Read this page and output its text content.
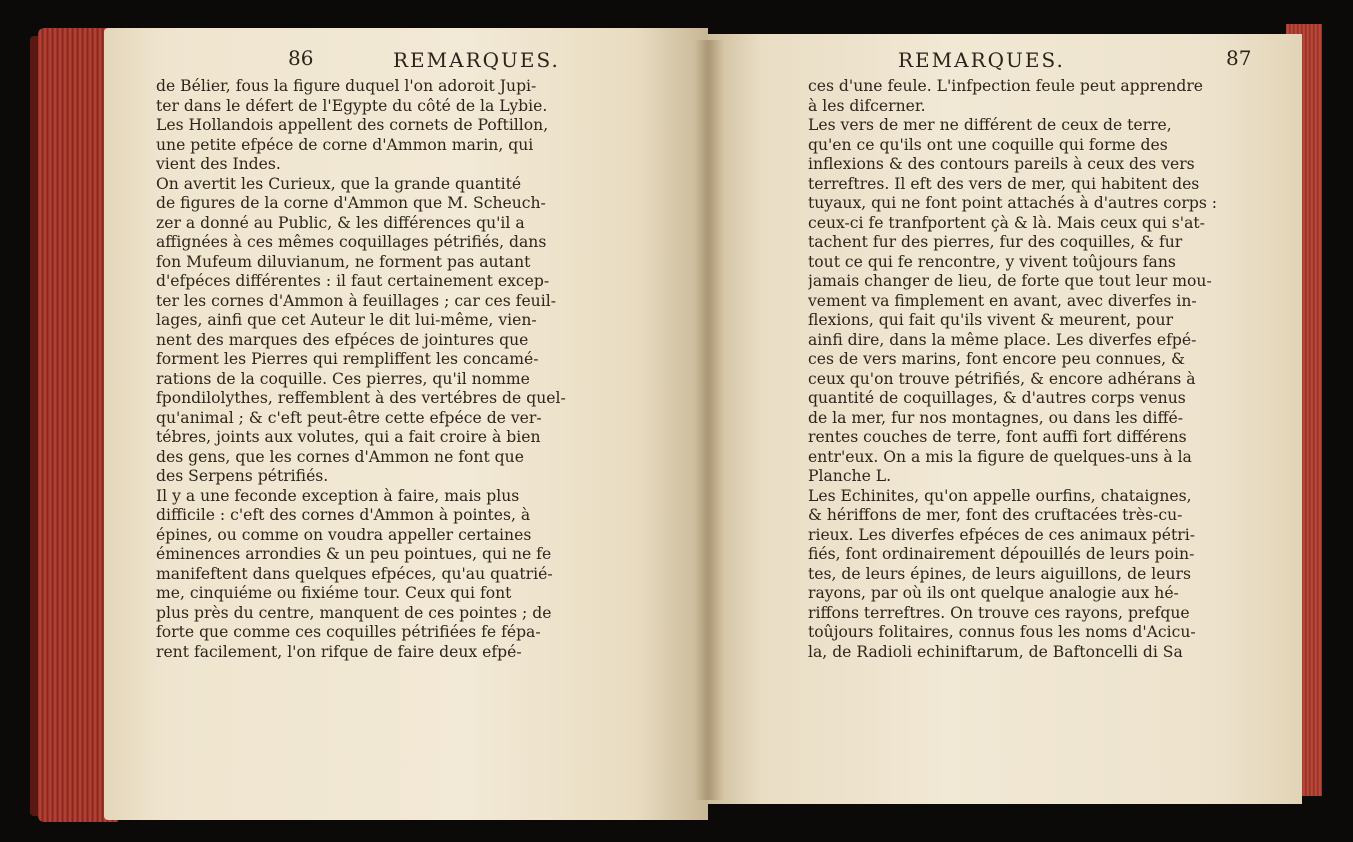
86	REMARQUES.	REMARQUES.	87
de Bélier, fous la figure duquel l'on adoroit Jupi-
ter dans le défert de l'Egypte du côté de la Lybie.
Les Hollandois appellent des cornets de Poftillon,
une petite efpéce de corne d'Ammon marin, qui
vient des Indes.
On avertit les Curieux, que la grande quantité
de figures de la corne d'Ammon que M. Scheuch-
zer a donné au Public, & les différences qu'il a
affignées à ces mêmes coquillages pétrifiés, dans
fon Mufeum diluvianum, ne forment pas autant
d'efpéces différentes : il faut certainement excep-
ter les cornes d'Ammon à feuillages ; car ces feuil-
lages, ainfi que cet Auteur le dit lui-même, vien-
nent des marques des efpéces de jointures que
forment les Pierres qui rempliffent les concamé-
rations de la coquille. Ces pierres, qu'il nomme
fpondilolythes, reffemblent à des vertébres de quel-
qu'animal ; & c'eft peut-être cette efpéce de ver-
tébres, joints aux volutes, qui a fait croire à bien
des gens, que les cornes d'Ammon ne font que
des Serpens pétrifiés.
Il y a une feconde exception à faire, mais plus
difficile : c'eft des cornes d'Ammon à pointes, à
épines, ou comme on voudra appeller certaines
éminences arrondies & un peu pointues, qui ne fe
manifeftent dans quelques efpéces, qu'au quatrié-
me, cinquiéme ou fixiéme tour. Ceux qui font
plus près du centre, manquent de ces pointes ; de
forte que comme ces coquilles pétrifiées fe fépa-
rent facilement, l'on rifque de faire deux efpé-
ces d'une feule. L'infpection feule peut apprendre
à les difcerner.
Les vers de mer ne différent de ceux de terre,
qu'en ce qu'ils ont une coquille qui forme des
inflexions & des contours pareils à ceux des vers
terreftres. Il eft des vers de mer, qui habitent des
tuyaux, qui ne font point attachés à d'autres corps :
ceux-ci fe tranfportent çà & là. Mais ceux qui s'at-
tachent fur des pierres, fur des coquilles, & fur
tout ce qui fe rencontre, y vivent toûjours fans
jamais changer de lieu, de forte que tout leur mou-
vement va fimplement en avant, avec diverfes in-
flexions, qui fait qu'ils vivent & meurent, pour
ainfi dire, dans la même place. Les diverfes efpé-
ces de vers marins, font encore peu connues, &
ceux qu'on trouve pétrifiés, & encore adhérans à
quantité de coquillages, & d'autres corps venus
de la mer, fur nos montagnes, ou dans les diffé-
rentes couches de terre, font auffi fort différens
entr'eux. On a mis la figure de quelques-uns à la
Planche L.
Les Echinites, qu'on appelle ourfins, chataignes,
& hériffons de mer, font des cruftacées très-cu-
rieux. Les diverfes efpéces de ces animaux pétri-
fiés, font ordinairement dépouillés de leurs poin-
tes, de leurs épines, de leurs aiguillons, de leurs
rayons, par où ils ont quelque analogie aux hé-
riffons terreftres. On trouve ces rayons, prefque
toûjours folitaires, connus fous les noms d'Acicu-
la, de Radioli echiniftarum, de Baftoncelli di Sa
